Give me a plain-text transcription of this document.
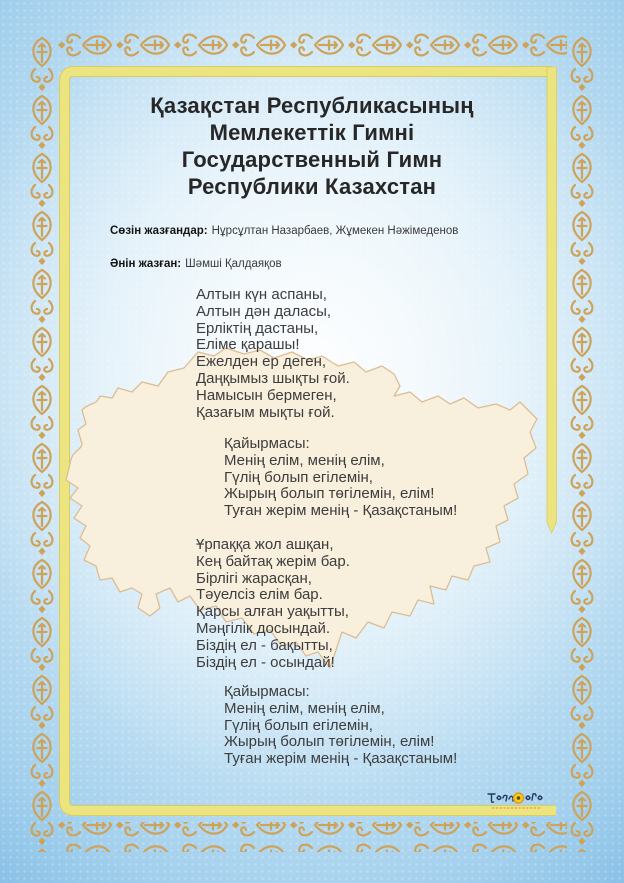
Қазақстан Республикасының
Мемлекеттік Гимні
Государственный Гимн
Республики Казахстан
Сөзін жазғандар: Нұрсұлтан Назарбаев, Жұмекен Нәжімеденов
Әнін жазған: Шәмші Қалдаяқов
Алтын күн аспаны,
Алтын дән даласы,
Ерліктің дастаны,
Еліме қарашы!
Ежелден ер деген,
Даңқымыз шықты ғой.
Намысын бермеген,
Қазағым мықты ғой.
Қайырмасы:
Менің елім, менің елім,
Гүлің болып егілемін,
Жырың болып төгілемін, елім!
Туған жерім менің - Қазақстаным!
Ұрпаққа жол ашқан,
Кең байтақ жерім бар.
Бірлігі жарасқан,
Тәуелсіз елім бар.
Қарсы алған уақытты,
Мәңгілік досындай.
Біздің ел - бақытты,
Біздің ел - осындай!
Қайырмасы:
Менің елім, менің елім,
Гүлің болып егілемін,
Жырың болып төгілемін, елім!
Туған жерім менің - Қазақстаным!
